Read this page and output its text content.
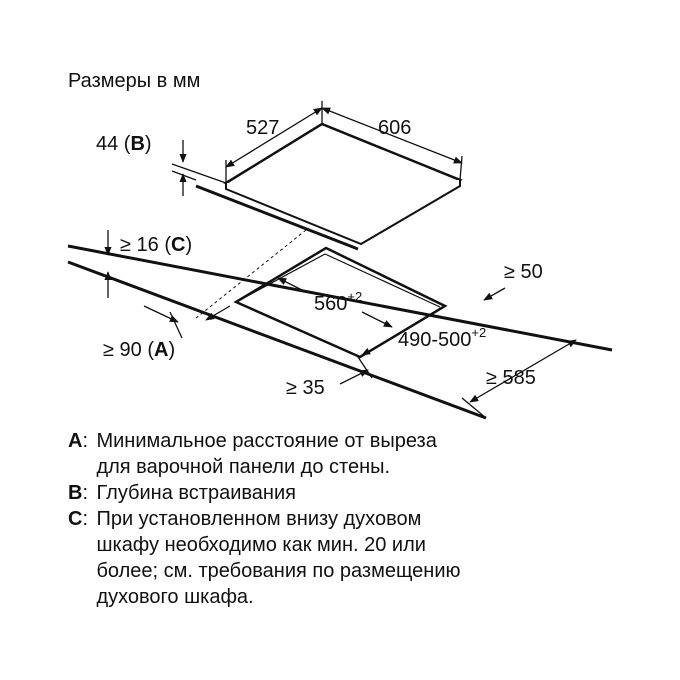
Размеры в мм
527	606
44 (B)
≥ 16 (C)
$560^{+2}$
$490-500^{+2}$
≥ 50
≥ 90 (A)
≥ 35	≥ 585
A : Минимальное расстояние от выреза
для варочной панели до стены.
B : Глубина встраивания
C : При установленном внизу духовом
шкафу необходимо как мин. 20 или
более; см. требования по размещению
духового шкафа.
